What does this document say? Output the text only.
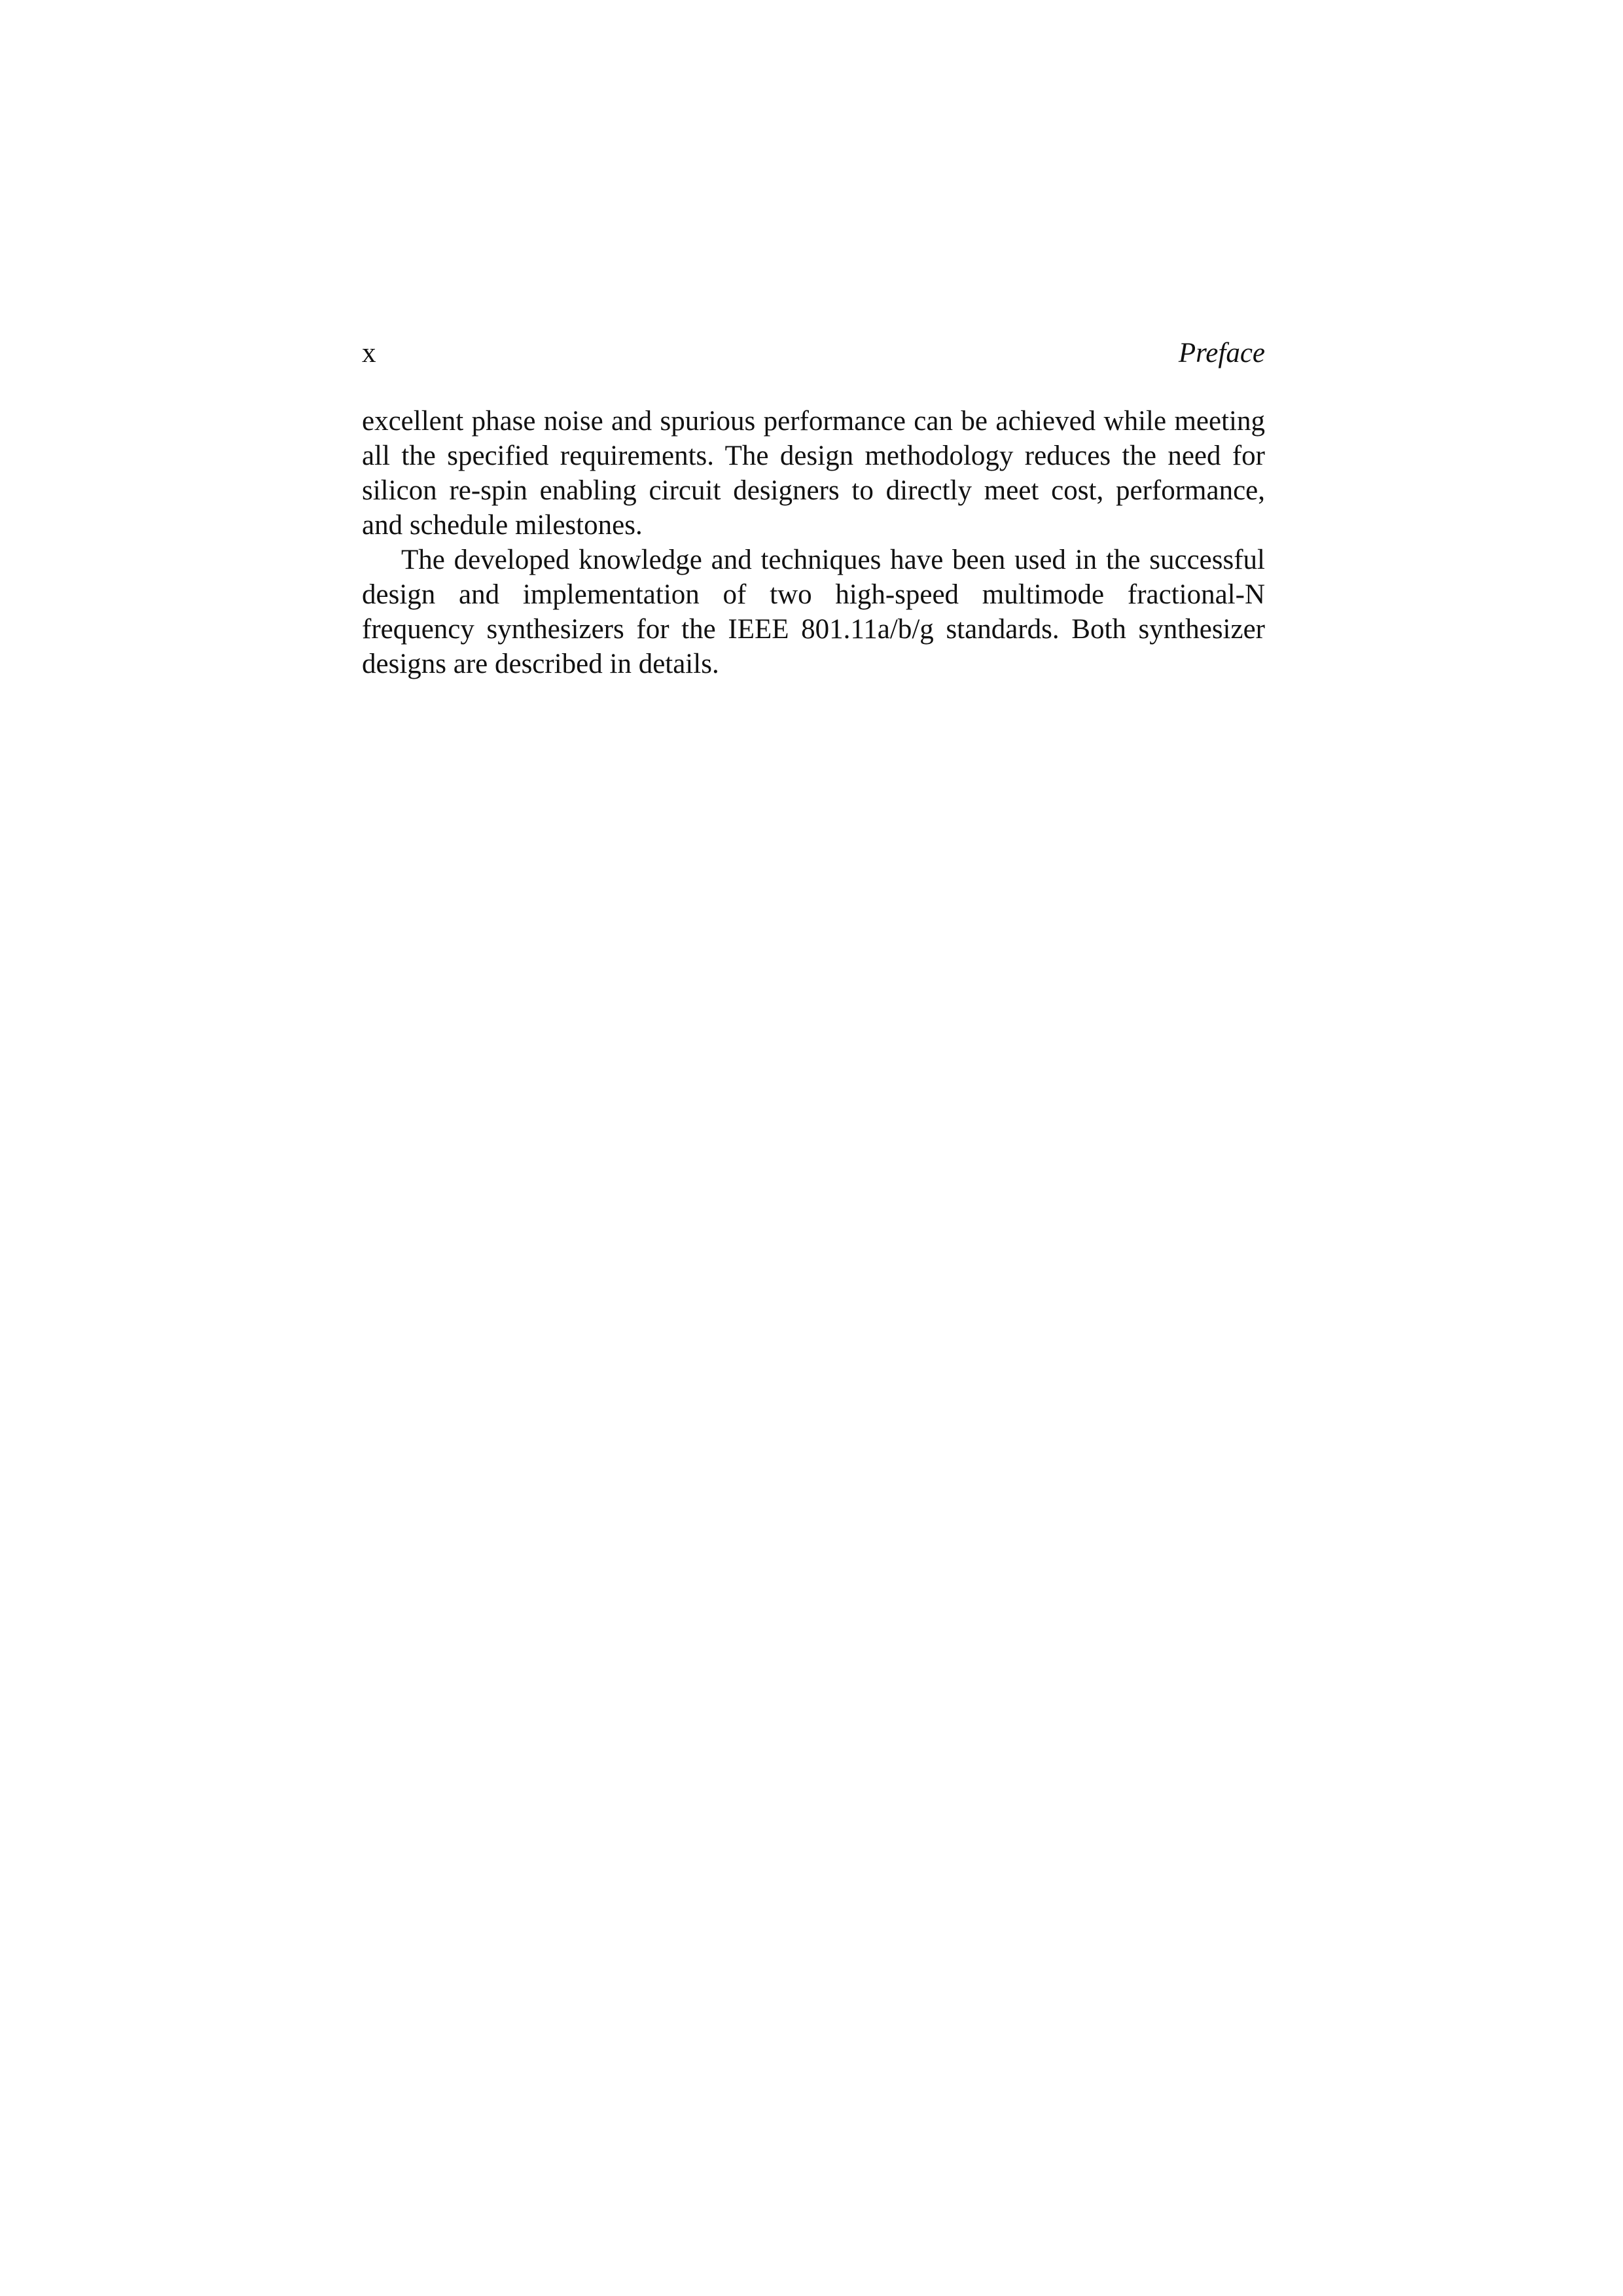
x	Preface

excellent phase noise and spurious performance can be achieved while meeting all the specified requirements. The design methodology reduces the need for silicon re-spin enabling circuit designers to directly meet cost, performance, and schedule milestones.

The developed knowledge and techniques have been used in the successful design and implementation of two high-speed multimode fractional-N frequency synthesizers for the IEEE 801.11a/b/g standards. Both synthesizer designs are described in details.
